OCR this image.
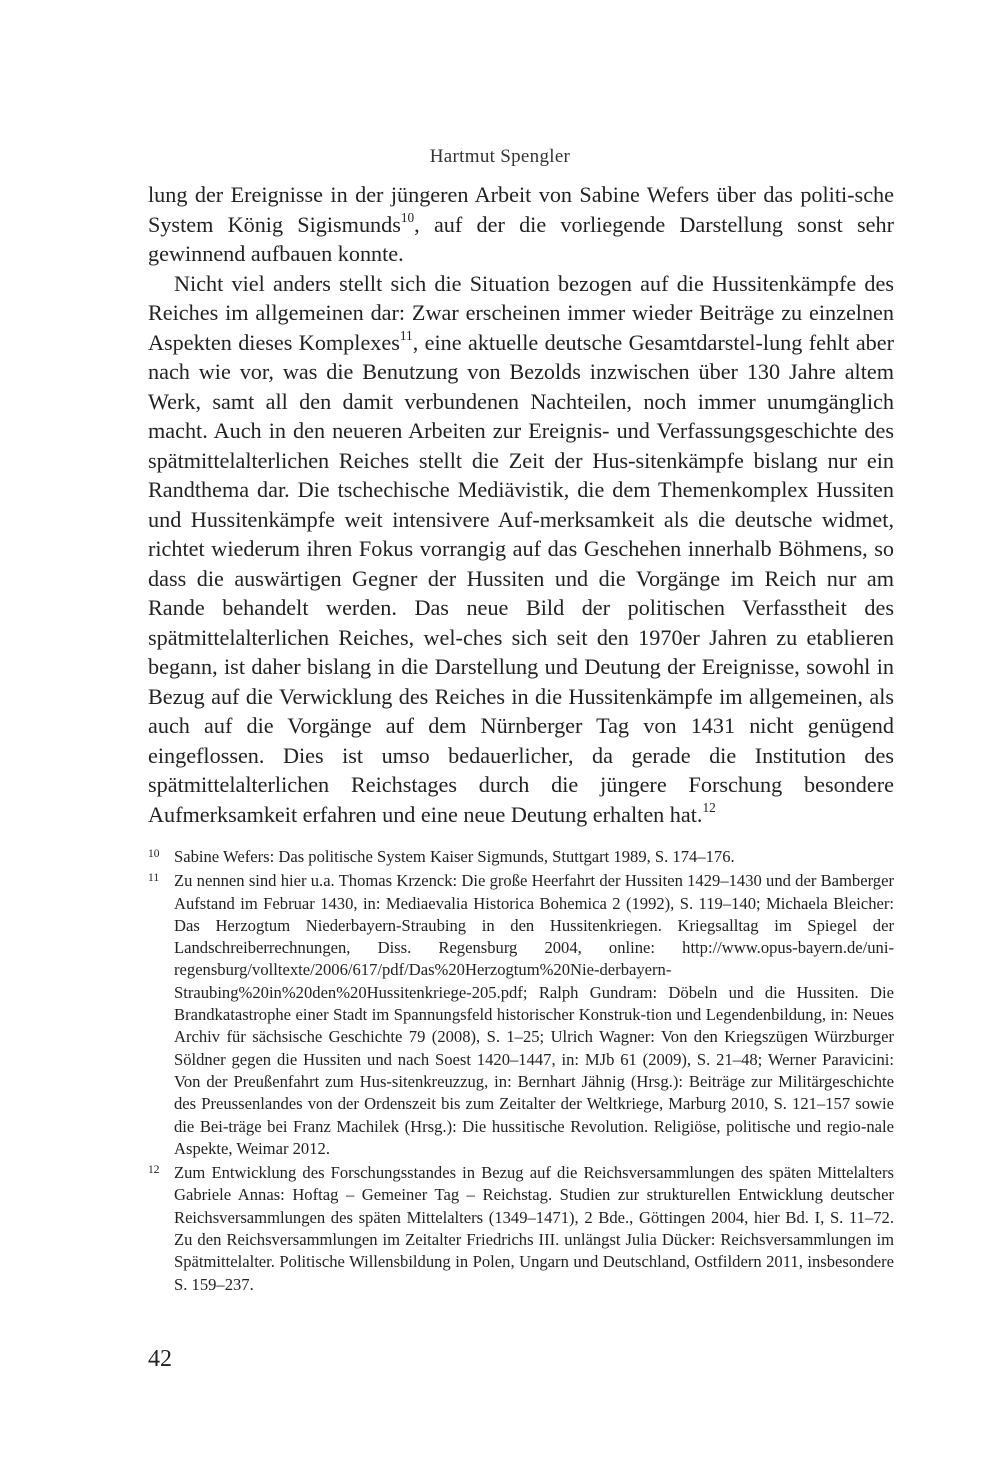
Hartmut Spengler

lung der Ereignisse in der jüngeren Arbeit von Sabine Wefers über das politi-sche System König Sigismunds$^{10}$, auf der die vorliegende Darstellung sonst sehr gewinnend aufbauen konnte.

Nicht viel anders stellt sich die Situation bezogen auf die Hussitenkämpfe des Reiches im allgemeinen dar: Zwar erscheinen immer wieder Beiträge zu einzelnen Aspekten dieses Komplexes$^{11}$, eine aktuelle deutsche Gesamtdarstel-lung fehlt aber nach wie vor, was die Benutzung von Bezolds inzwischen über 130 Jahre altem Werk, samt all den damit verbundenen Nachteilen, noch immer unumgänglich macht. Auch in den neueren Arbeiten zur Ereignis- und Verfassungsgeschichte des spätmittelalterlichen Reiches stellt die Zeit der Hus-sitenkämpfe bislang nur ein Randthema dar. Die tschechische Mediävistik, die dem Themenkomplex Hussiten und Hussitenkämpfe weit intensivere Auf-merksamkeit als die deutsche widmet, richtet wiederum ihren Fokus vorrangig auf das Geschehen innerhalb Böhmens, so dass die auswärtigen Gegner der Hussiten und die Vorgänge im Reich nur am Rande behandelt werden. Das neue Bild der politischen Verfasstheit des spätmittelalterlichen Reiches, wel-ches sich seit den 1970er Jahren zu etablieren begann, ist daher bislang in die Darstellung und Deutung der Ereignisse, sowohl in Bezug auf die Verwicklung des Reiches in die Hussitenkämpfe im allgemeinen, als auch auf die Vorgänge auf dem Nürnberger Tag von 1431 nicht genügend eingeflossen. Dies ist umso bedauerlicher, da gerade die Institution des spätmittelalterlichen Reichstages durch die jüngere Forschung besondere Aufmerksamkeit erfahren und eine neue Deutung erhalten hat.$^{12}$

10 Sabine Wefers: Das politische System Kaiser Sigmunds, Stuttgart 1989, S. 174–176.
11 Zu nennen sind hier u.a. Thomas Krzenck: Die große Heerfahrt der Hussiten 1429–1430 und der Bamberger Aufstand im Februar 1430, in: Mediaevalia Historica Bohemica 2 (1992), S. 119–140; Michaela Bleicher: Das Herzogtum Niederbayern-Straubing in den Hussitenkriegen. Kriegsalltag im Spiegel der Landschreiberrechnungen, Diss. Regensburg 2004, online: http://www.opus-bayern.de/uni-regensburg/volltexte/2006/617/pdf/Das%20Herzogtum%20Nie-derbayern-Straubing%20in%20den%20Hussitenkriege-205.pdf; Ralph Gundram: Döbeln und die Hussiten. Die Brandkatastrophe einer Stadt im Spannungsfeld historischer Konstruk-tion und Legendenbildung, in: Neues Archiv für sächsische Geschichte 79 (2008), S. 1–25; Ulrich Wagner: Von den Kriegszügen Würzburger Söldner gegen die Hussiten und nach Soest 1420–1447, in: MJb 61 (2009), S. 21–48; Werner Paravicini: Von der Preußenfahrt zum Hus-sitenkreuzzug, in: Bernhart Jähnig (Hrsg.): Beiträge zur Militärgeschichte des Preussenlandes von der Ordenszeit bis zum Zeitalter der Weltkriege, Marburg 2010, S. 121–157 sowie die Bei-träge bei Franz Machilek (Hrsg.): Die hussitische Revolution. Religiöse, politische und regio-nale Aspekte, Weimar 2012.
12 Zum Entwicklung des Forschungsstandes in Bezug auf die Reichsversammlungen des späten Mittelalters Gabriele Annas: Hoftag – Gemeiner Tag – Reichstag. Studien zur strukturellen Entwicklung deutscher Reichsversammlungen des späten Mittelalters (1349–1471), 2 Bde., Göttingen 2004, hier Bd. I, S. 11–72. Zu den Reichsversammlungen im Zeitalter Friedrichs III. unlängst Julia Dücker: Reichsversammlungen im Spätmittelalter. Politische Willensbildung in Polen, Ungarn und Deutschland, Ostfildern 2011, insbesondere S. 159–237.
42
